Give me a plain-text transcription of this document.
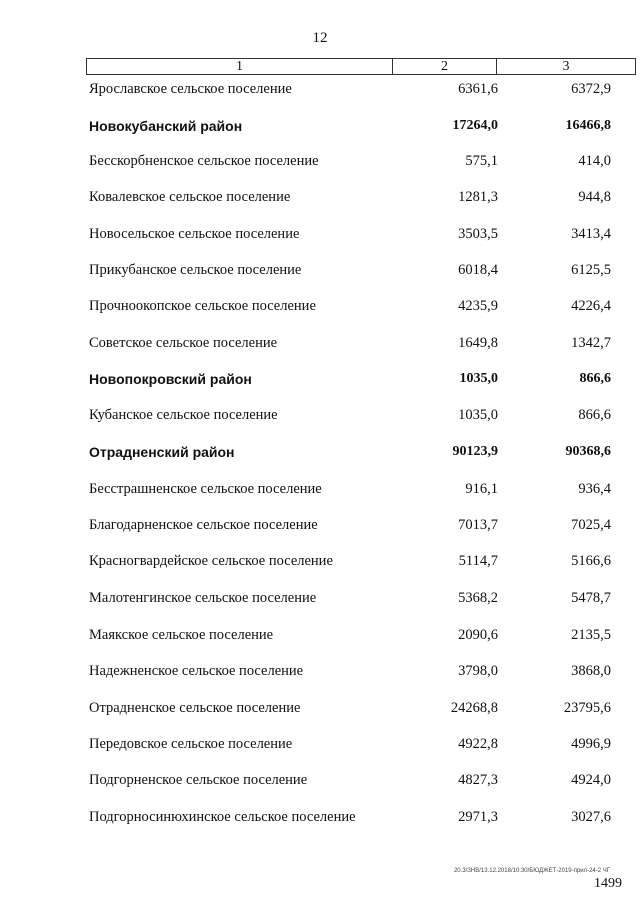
12
1	2	3
Ярославское сельское поселение	6361,6	6372,9
Новокубанский район	17264,0	16466,8
Бесскорбненское сельское поселение	575,1	414,0
Ковалевское сельское поселение	1281,3	944,8
Новосельское сельское поселение	3503,5	3413,4
Прикубанское сельское поселение	6018,4	6125,5
Прочноокопское сельское поселение	4235,9	4226,4
Советское сельское поселение	1649,8	1342,7
Новопокровский район	1035,0	866,6
Кубанское сельское поселение	1035,0	866,6
Отрадненский район	90123,9	90368,6
Бесстрашненское сельское поселение	916,1	936,4
Благодарненское сельское поселение	7013,7	7025,4
Красногвардейское сельское поселение	5114,7	5166,6
Малотенгинское сельское поселение	5368,2	5478,7
Маякское сельское поселение	2090,6	2135,5
Надежненское сельское поселение	3798,0	3868,0
Отрадненское сельское поселение	24268,8	23795,6
Передовское сельское поселение	4922,8	4996,9
Подгорненское сельское поселение	4827,3	4924,0
Подгорносинюхинское сельское поселение	2971,3	3027,6
20.3/ЗНВ/13.12.2018/10:30/БЮДЖЕТ-2019-прил-24-2 ЧГ
1499
